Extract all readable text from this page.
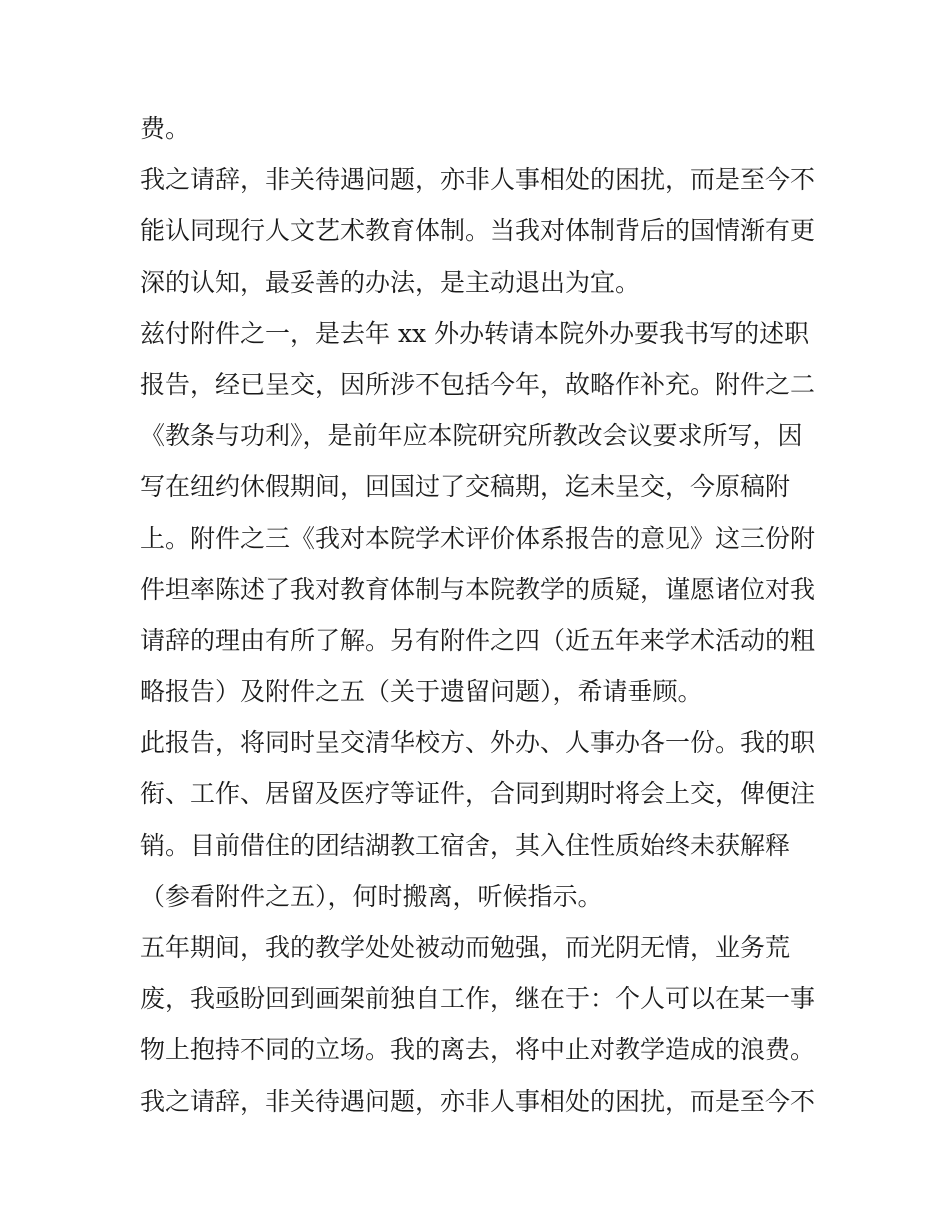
费。
我之请辞，非关待遇问题，亦非人事相处的困扰，而是至今不
能认同现行人文艺术教育体制。当我对体制背后的国情渐有更
深的认知，最妥善的办法，是主动退出为宜。
兹付附件之一，是去年 xx 外办转请本院外办要我书写的述职
报告，经已呈交，因所涉不包括今年，故略作补充。附件之二
《教条与功利》，是前年应本院研究所教改会议要求所写，因
写在纽约休假期间，回国过了交稿期，迄未呈交，今原稿附
上。附件之三《我对本院学术评价体系报告的意见》这三份附
件坦率陈述了我对教育体制与本院教学的质疑，谨愿诸位对我
请辞的理由有所了解。另有附件之四（近五年来学术活动的粗
略报告）及附件之五（关于遗留问题），希请垂顾。
此报告，将同时呈交清华校方、外办、人事办各一份。我的职
衔、工作、居留及医疗等证件，合同到期时将会上交，俾便注
销。目前借住的团结湖教工宿舍，其入住性质始终未获解释
（参看附件之五），何时搬离，听候指示。
五年期间，我的教学处处被动而勉强，而光阴无情，业务荒
废，我亟盼回到画架前独自工作，继在于：个人可以在某一事
物上抱持不同的立场。我的离去，将中止对教学造成的浪费。
我之请辞，非关待遇问题，亦非人事相处的困扰，而是至今不
